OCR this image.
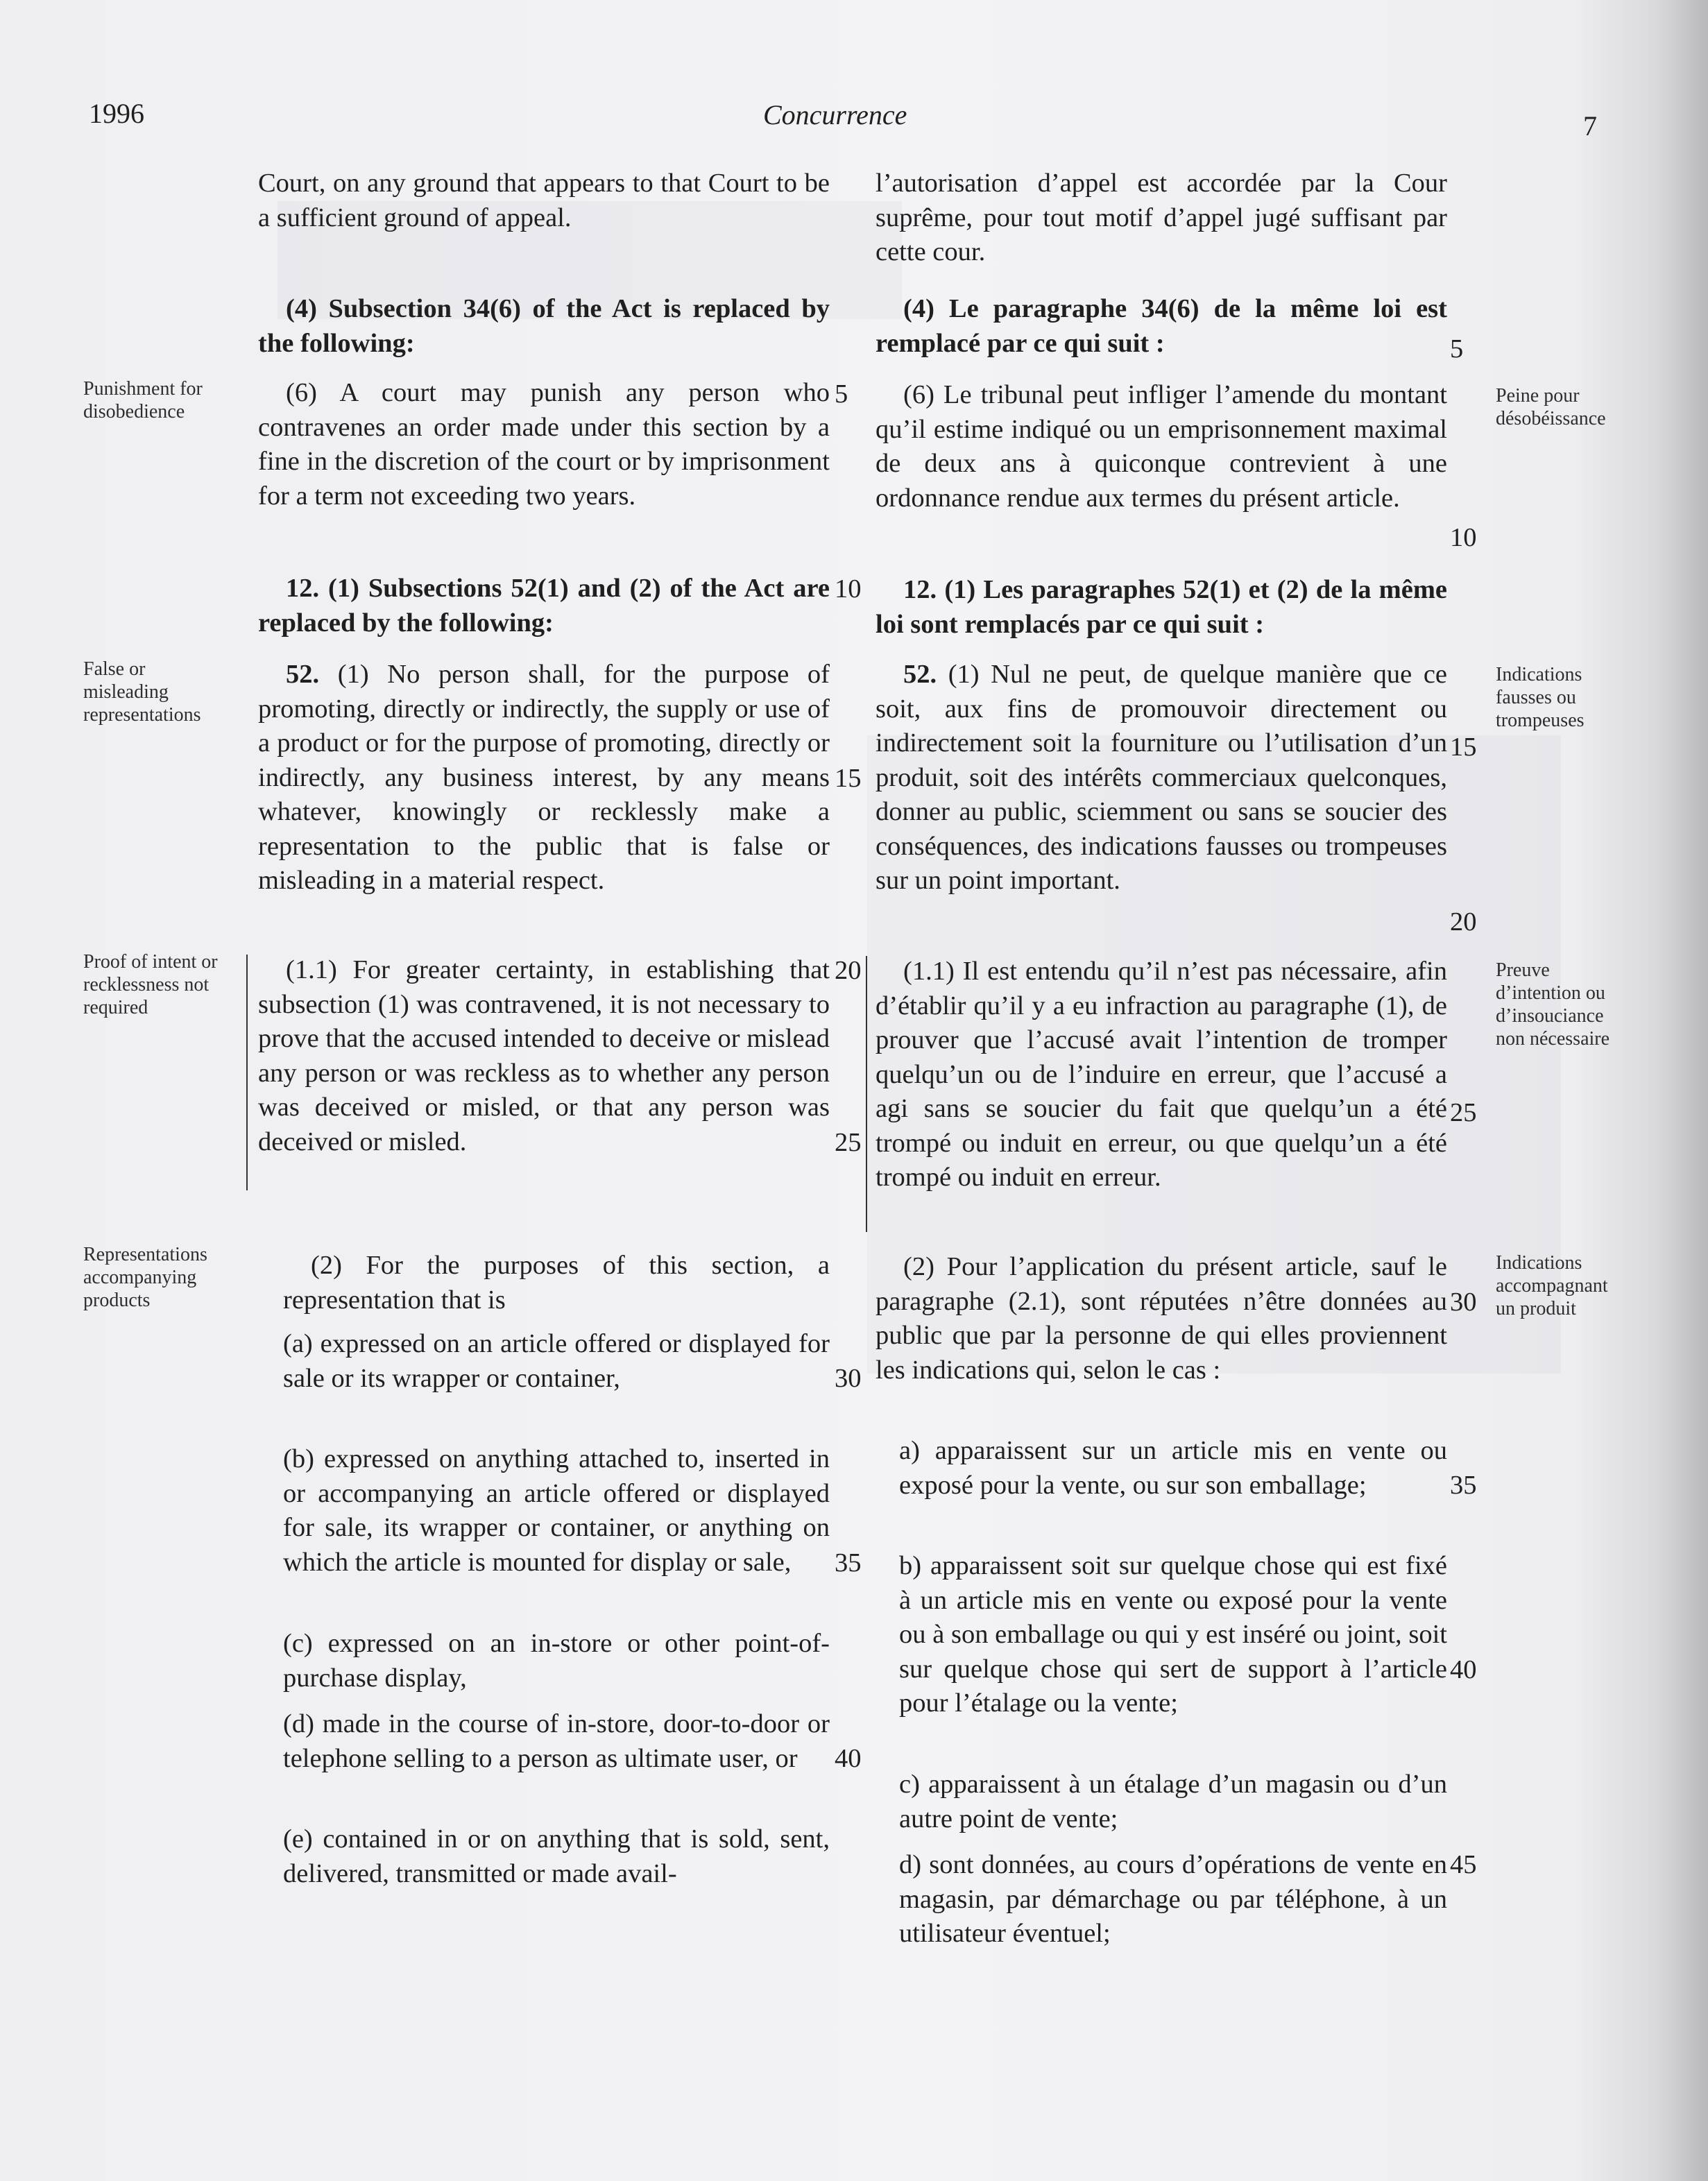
1996	Concurrence	7
Court, on any ground that appears to that Court to be a sufficient ground of appeal.
(4) Subsection 34(6) of the Act is replaced by the following:
(6) A court may punish any person who contravenes an order made under this section by a fine in the discretion of the court or by imprisonment for a term not exceeding two years.
12. (1) Subsections 52(1) and (2) of the Act are replaced by the following:
52. (1) No person shall, for the purpose of promoting, directly or indirectly, the supply or use of a product or for the purpose of promoting, directly or indirectly, any business interest, by any means whatever, knowingly or recklessly make a representation to the public that is false or misleading in a material respect.
(1.1) For greater certainty, in establishing that subsection (1) was contravened, it is not necessary to prove that the accused intended to deceive or mislead any person or was reckless as to whether any person was deceived or misled, or that any person was deceived or misled.
(2) For the purposes of this section, a representation that is
(a) expressed on an article offered or displayed for sale or its wrapper or container,
(b) expressed on anything attached to, inserted in or accompanying an article offered or displayed for sale, its wrapper or container, or anything on which the article is mounted for display or sale,
(c) expressed on an in-store or other point-of-purchase display,
(d) made in the course of in-store, door-to-door or telephone selling to a person as ultimate user, or
(e) contained in or on anything that is sold, sent, delivered, transmitted or made avail-
l’autorisation d’appel est accordée par la Cour suprême, pour tout motif d’appel jugé suffisant par cette cour.
(4) Le paragraphe 34(6) de la même loi est remplacé par ce qui suit :
(6) Le tribunal peut infliger l’amende du montant qu’il estime indiqué ou un emprisonnement maximal de deux ans à quiconque contrevient à une ordonnance rendue aux termes du présent article.
12. (1) Les paragraphes 52(1) et (2) de la même loi sont remplacés par ce qui suit :
52. (1) Nul ne peut, de quelque manière que ce soit, aux fins de promouvoir directement ou indirectement soit la fourniture ou l’utilisation d’un produit, soit des intérêts commerciaux quelconques, donner au public, sciemment ou sans se soucier des conséquences, des indications fausses ou trompeuses sur un point important.
(1.1) Il est entendu qu’il n’est pas nécessaire, afin d’établir qu’il y a eu infraction au paragraphe (1), de prouver que l’accusé avait l’intention de tromper quelqu’un ou de l’induire en erreur, que l’accusé a agi sans se soucier du fait que quelqu’un a été trompé ou induit en erreur, ou que quelqu’un a été trompé ou induit en erreur.
(2) Pour l’application du présent article, sauf le paragraphe (2.1), sont réputées n’être données au public que par la personne de qui elles proviennent les indications qui, selon le cas :
a) apparaissent sur un article mis en vente ou exposé pour la vente, ou sur son emballage;
b) apparaissent soit sur quelque chose qui est fixé à un article mis en vente ou exposé pour la vente ou à son emballage ou qui y est inséré ou joint, soit sur quelque chose qui sert de support à l’article pour l’étalage ou la vente;
c) apparaissent à un étalage d’un magasin ou d’un autre point de vente;
d) sont données, au cours d’opérations de vente en magasin, par démarchage ou par téléphone, à un utilisateur éventuel;
Punishment for disobedience
False or misleading representations
Proof of intent or recklessness not required
Representations accompanying products
Peine pour désobéissance
Indications fausses ou trompeuses
Preuve d’intention ou d’insouciance non nécessaire
Indications accompagnant un produit
5
10
15
20
25
30
35
40
5
10
15
20
25
30
35
40
45
